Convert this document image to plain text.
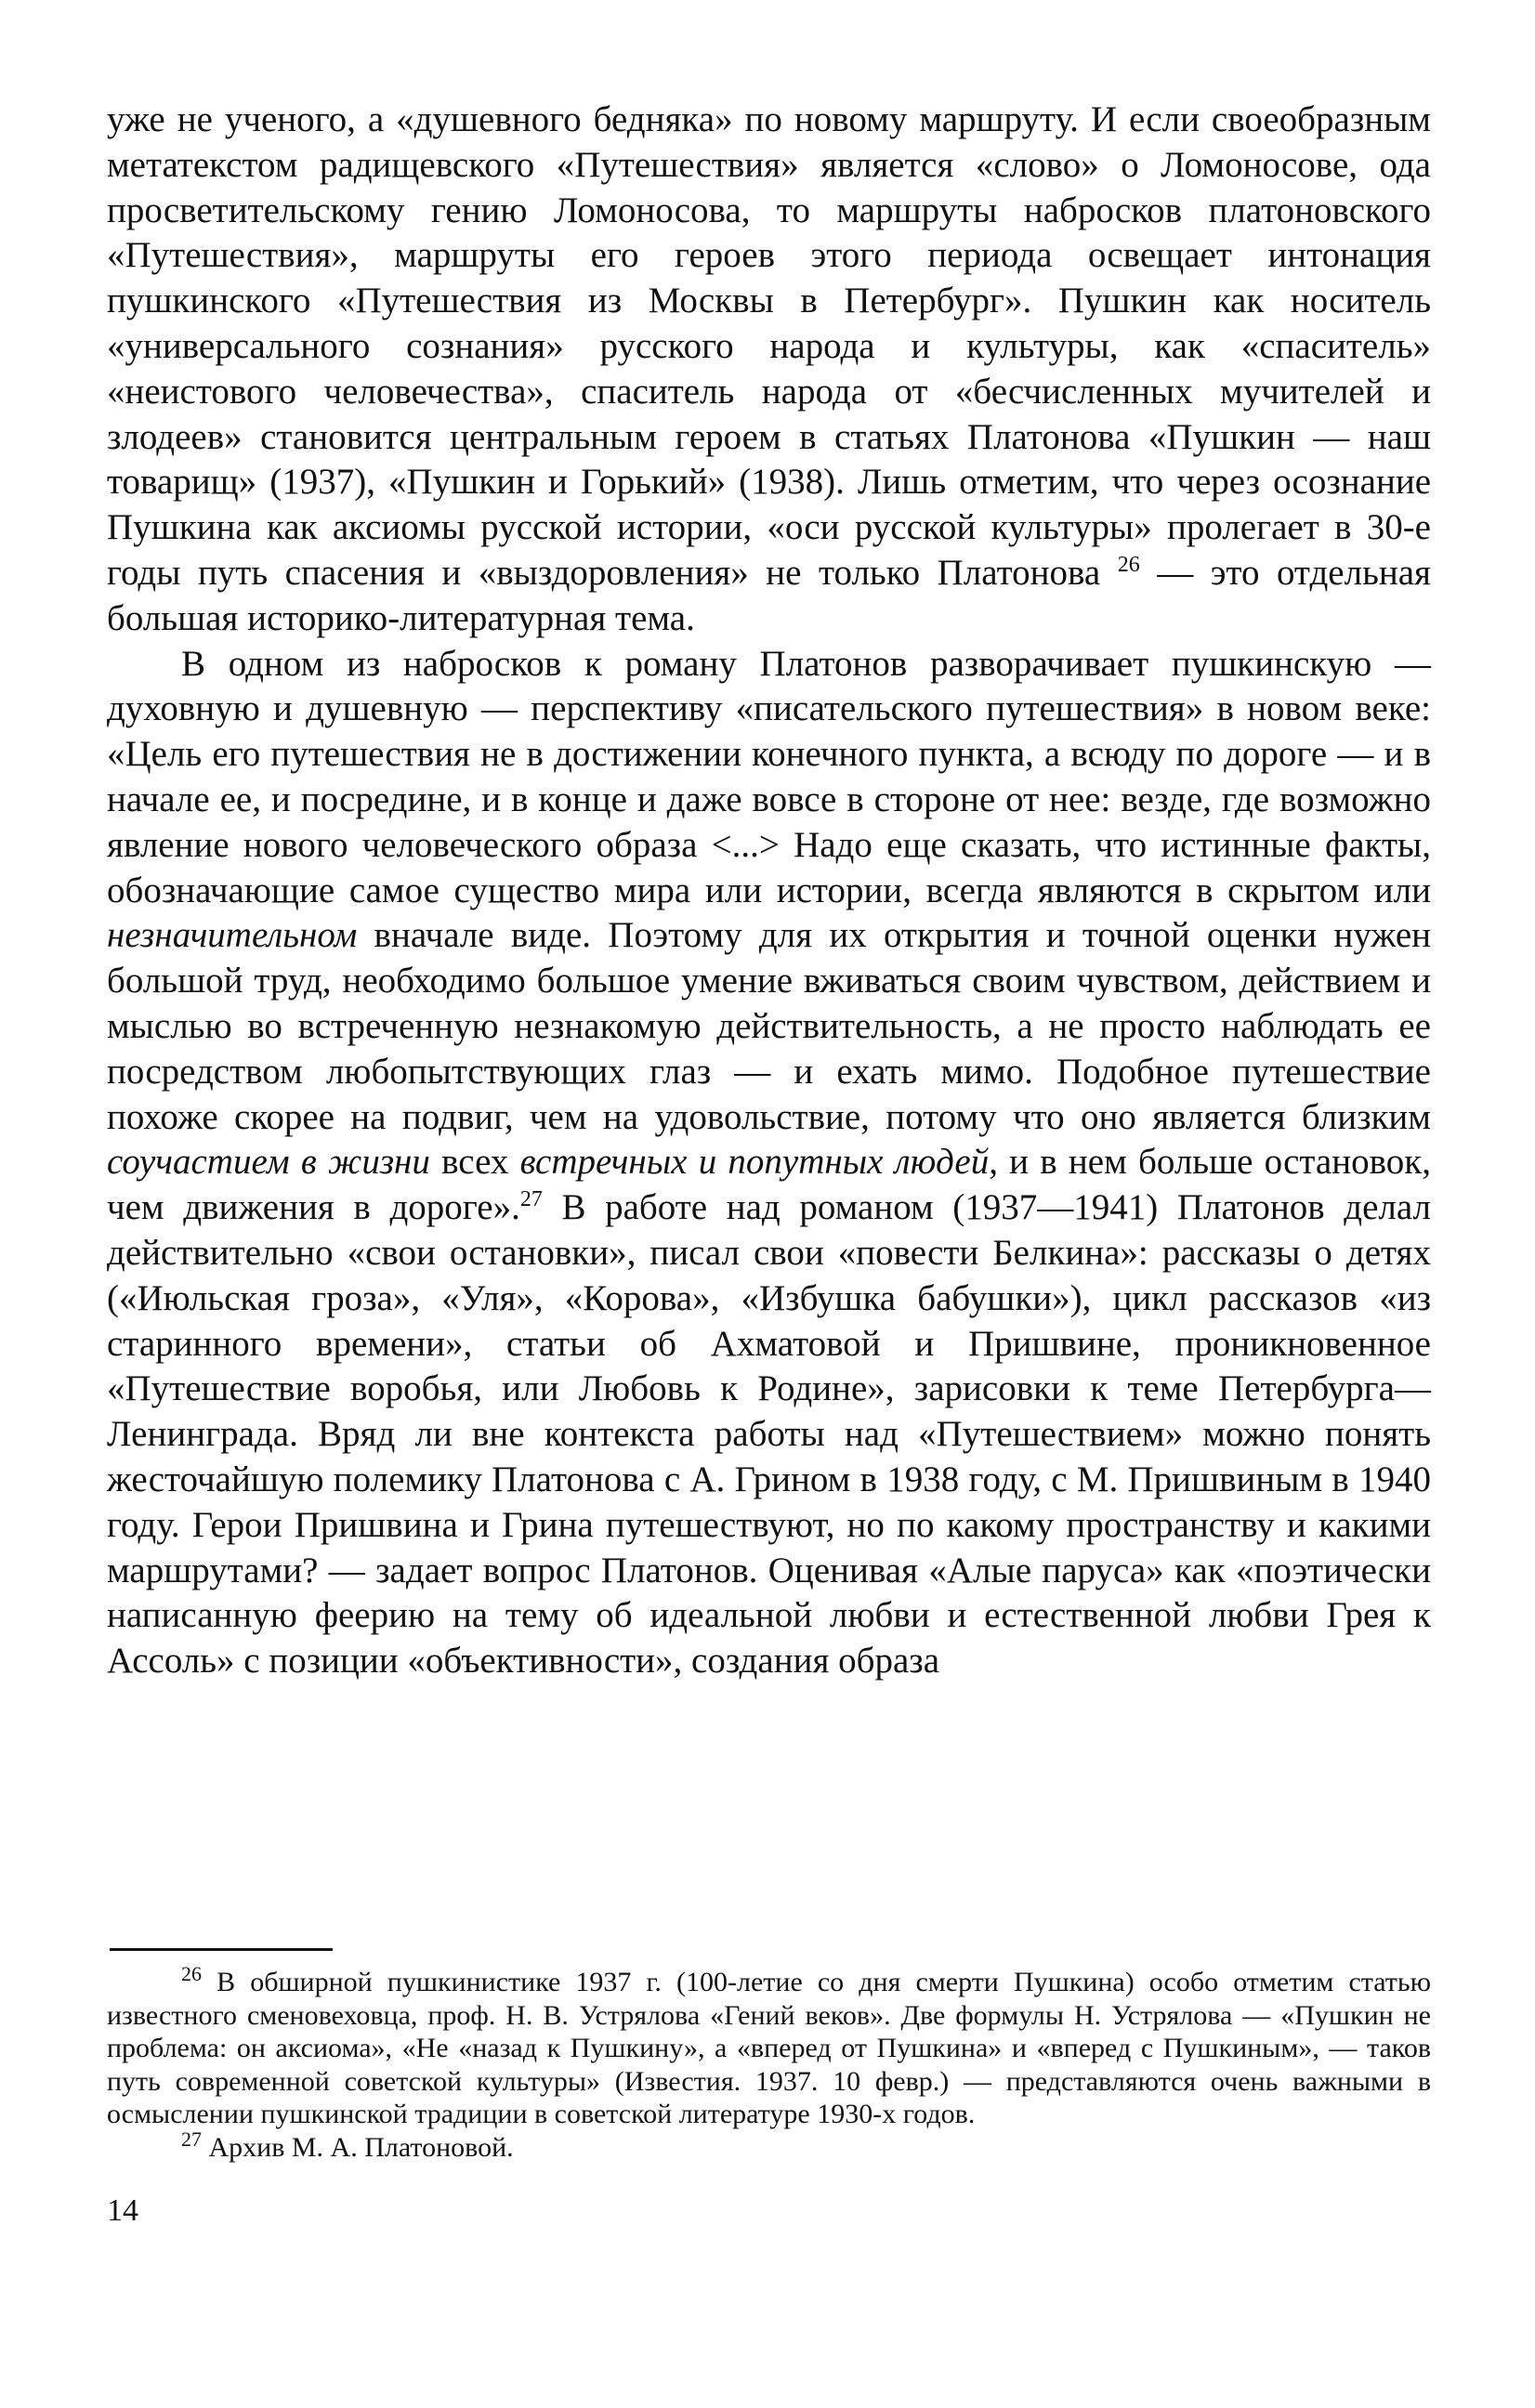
уже не ученого, а «душевного бедняка» по новому маршруту. И если своеобразным метатекстом радищевского «Путешествия» является «слово» о Ломоносове, ода просветительскому гению Ломоносова, то маршруты набросков платоновского «Путешествия», маршруты его героев этого периода освещает интонация пушкинского «Путешествия из Москвы в Петербург». Пушкин как носитель «универсального сознания» русского народа и культуры, как «спаситель» «неистового человечества», спаситель народа от «бесчисленных мучителей и злодеев» становится центральным героем в статьях Платонова «Пушкин — наш товарищ» (1937), «Пушкин и Горький» (1938). Лишь отметим, что через осознание Пушкина как аксиомы русской истории, «оси русской культуры» пролегает в 30-е годы путь спасения и «выздоровления» не только Платонова $^{26}$ — это отдельная большая историко-литературная тема.

В одном из набросков к роману Платонов разворачивает пушкинскую — духовную и душевную — перспективу «писательского путешествия» в новом веке: «Цель его путешествия не в достижении конечного пункта, а всюду по дороге — и в начале ее, и посредине, и в конце и даже вовсе в стороне от нее: везде, где возможно явление нового человеческого образа <...> Надо еще сказать, что истинные факты, обозначающие самое существо мира или истории, всегда являются в скрытом или незначительном вначале виде. Поэтому для их открытия и точной оценки нужен большой труд, необходимо большое умение вживаться своим чувством, действием и мыслью во встреченную незнакомую действительность, а не просто наблюдать ее посредством любопытствующих глаз — и ехать мимо. Подобное путешествие похоже скорее на подвиг, чем на удовольствие, потому что оно является близким соучастием в жизни всех встречных и попутных людей, и в нем больше остановок, чем движения в дороге».$^{27}$ В работе над романом (1937—1941) Платонов делал действительно «свои остановки», писал свои «повести Белкина»: рассказы о детях («Июльская гроза», «Уля», «Корова», «Избушка бабушки»), цикл рассказов «из старинного времени», статьи об Ахматовой и Пришвине, проникновенное «Путешествие воробья, или Любовь к Родине», зарисовки к теме Петербурга—Ленинграда. Вряд ли вне контекста работы над «Путешествием» можно понять жесточайшую полемику Платонова с А. Грином в 1938 году, с М. Пришвиным в 1940 году. Герои Пришвина и Грина путешествуют, но по какому пространству и какими маршрутами? — задает вопрос Платонов. Оценивая «Алые паруса» как «поэтически написанную феерию на тему об идеальной любви и естественной любви Грея к Ассоль» с позиции «объективности», создания образа

$^{26}$ В обширной пушкинистике 1937 г. (100-летие со дня смерти Пушкина) особо отметим статью известного сменовеховца, проф. Н. В. Устрялова «Гений веков». Две формулы Н. Устрялова — «Пушкин не проблема: он аксиома», «Не «назад к Пушкину», а «вперед от Пушкина» и «вперед с Пушкиным», — таков путь современной советской культуры» (Известия. 1937. 10 февр.) — представляются очень важными в осмыслении пушкинской традиции в советской литературе 1930-х годов.

$^{27}$ Архив М. А. Платоновой.

14
